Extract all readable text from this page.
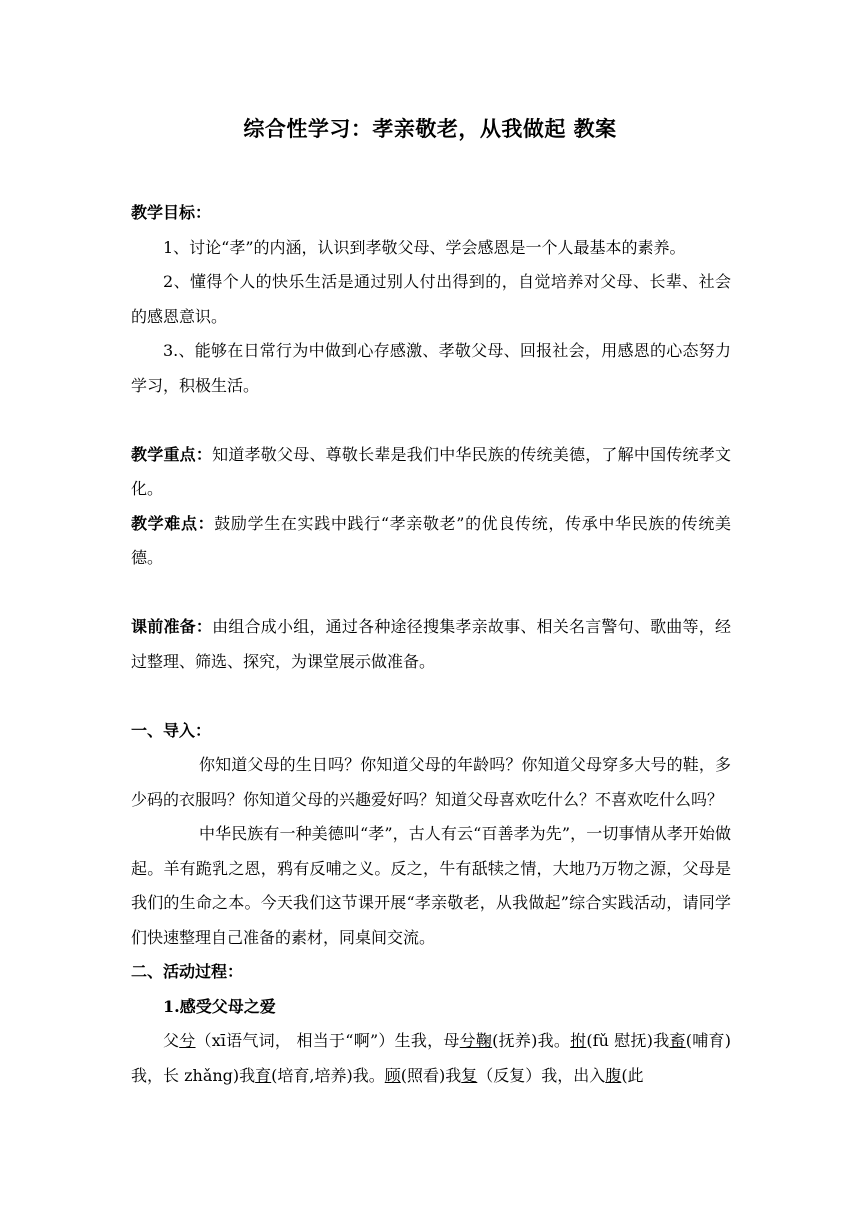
综合性学习：孝亲敬老，从我做起 教案

教学目标：

1、讨论“孝”的内涵，认识到孝敬父母、学会感恩是一个人最基本的素养。

2、懂得个人的快乐生活是通过别人付出得到的，自觉培养对父母、长辈、社会的感恩意识。

3.、能够在日常行为中做到心存感激、孝敬父母、回报社会，用感恩的心态努力学习，积极生活。

教学重点：知道孝敬父母、尊敬长辈是我们中华民族的传统美德，了解中国传统孝文化。

教学难点：鼓励学生在实践中践行“孝亲敬老”的优良传统，传承中华民族的传统美德。

课前准备：由组合成小组，通过各种途径搜集孝亲故事、相关名言警句、歌曲等，经过整理、筛选、探究，为课堂展示做准备。

一、导入：

你知道父母的生日吗？你知道父母的年龄吗？你知道父母穿多大号的鞋，多少码的衣服吗？你知道父母的兴趣爱好吗？知道父母喜欢吃什么？不喜欢吃什么吗？

中华民族有一种美德叫“孝”，古人有云“百善孝为先”，一切事情从孝开始做起。羊有跪乳之恩，鸦有反哺之义。反之，牛有舐犊之情，大地乃万物之源，父母是我们的生命之本。今天我们这节课开展“孝亲敬老，从我做起”综合实践活动，请同学们快速整理自己准备的素材，同桌间交流。

二、活动过程：

1.感受父母之爱

父兮（xī语气词， 相当于“啊”）生我，母兮鞠(抚养)我。拊(fǔ 慰抚)我畜(哺育)我，长 zhǎng)我育(培育,培养)我。顾(照看)我复（反复）我，出入腹(此
